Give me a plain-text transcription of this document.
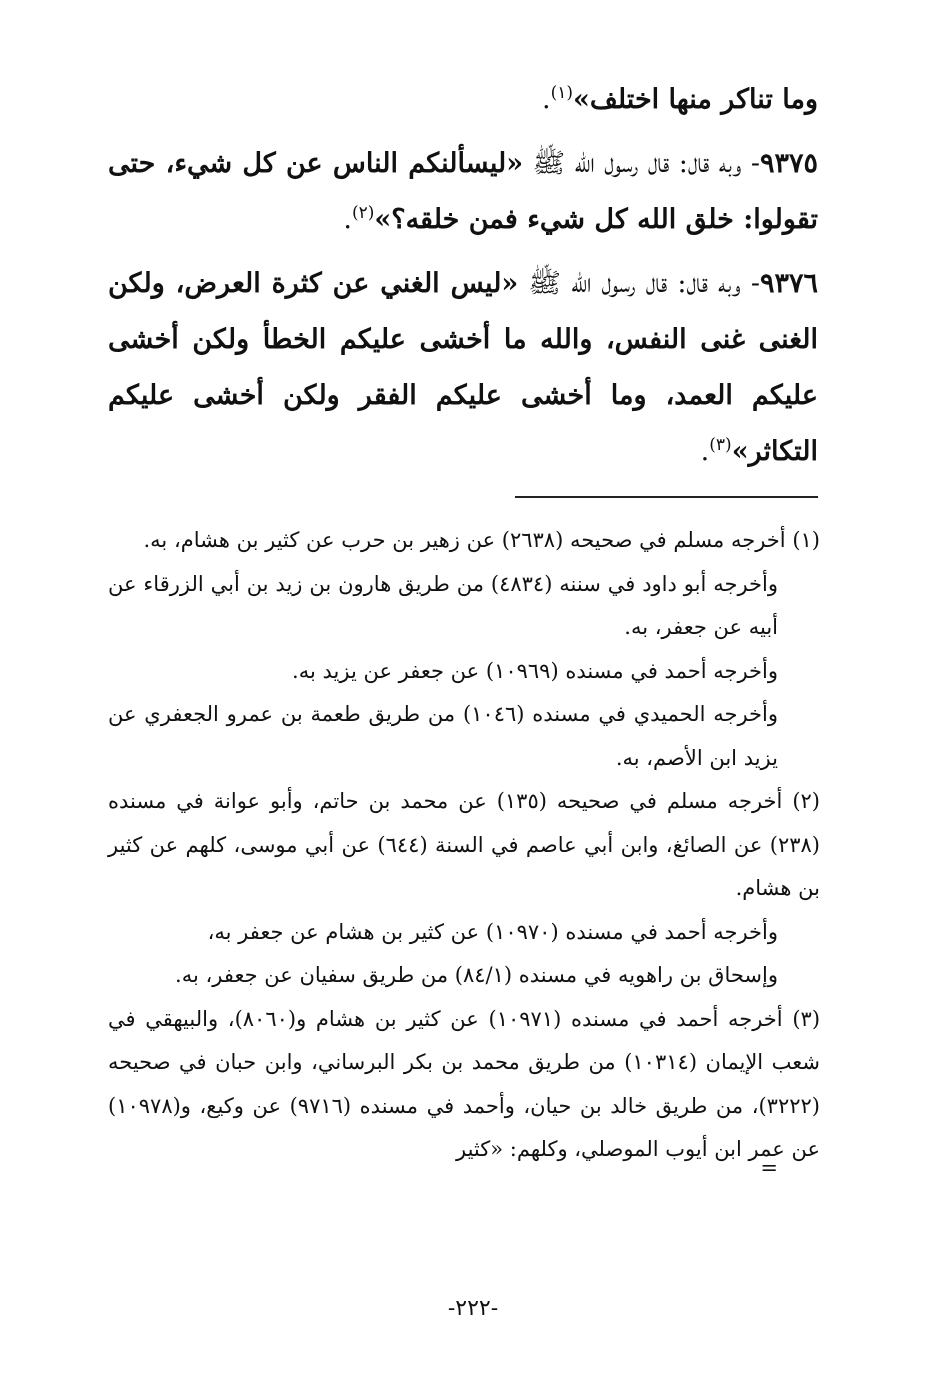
وما تناكر منها اختلف»$^{(١)}$.

٩٣٧٥- وبه قال: قال رسول الله ﷺ «ليسألنكم الناس عن كل شيء، حتى تقولوا: خلق الله كل شيء فمن خلقه؟»$^{(٢)}$.

٩٣٧٦- وبه قال: قال رسول الله ﷺ «ليس الغني عن كثرة العرض، ولكن الغنى غنى النفس، والله ما أخشى عليكم الخطأ ولكن أخشى عليكم العمد، وما أخشى عليكم الفقر ولكن أخشى عليكم التكاثر»$^{(٣)}$.

(١) أخرجه مسلم في صحيحه (٢٦٣٨) عن زهير بن حرب عن كثير بن هشام، به.

وأخرجه أبو داود في سننه (٤٨٣٤) من طريق هارون بن زيد بن أبي الزرقاء عن أبيه عن جعفر، به.

وأخرجه أحمد في مسنده (١٠٩٦٩) عن جعفر عن يزيد به.

وأخرجه الحميدي في مسنده (١٠٤٦) من طريق طعمة بن عمرو الجعفري عن يزيد ابن الأصم، به.

(٢) أخرجه مسلم في صحيحه (١٣٥) عن محمد بن حاتم، وأبو عوانة في مسنده (٢٣٨) عن الصائغ، وابن أبي عاصم في السنة (٦٤٤) عن أبي موسى، كلهم عن كثير بن هشام.

وأخرجه أحمد في مسنده (١٠٩٧٠) عن كثير بن هشام عن جعفر به،

وإسحاق بن راهويه في مسنده (٨٤/١) من طريق سفيان عن جعفر، به.

(٣) أخرجه أحمد في مسنده (١٠٩٧١) عن كثير بن هشام و(٨٠٦٠)، والبيهقي في شعب الإيمان (١٠٣١٤) من طريق محمد بن بكر البرساني، وابن حبان في صحيحه (٣٢٢٢)، من طريق خالد بن حيان، وأحمد في مسنده (٩٧١٦) عن وكيع، و(١٠٩٧٨) عن عمر ابن أيوب الموصلي، وكلهم: «كثير

=

-٢٢٢-
